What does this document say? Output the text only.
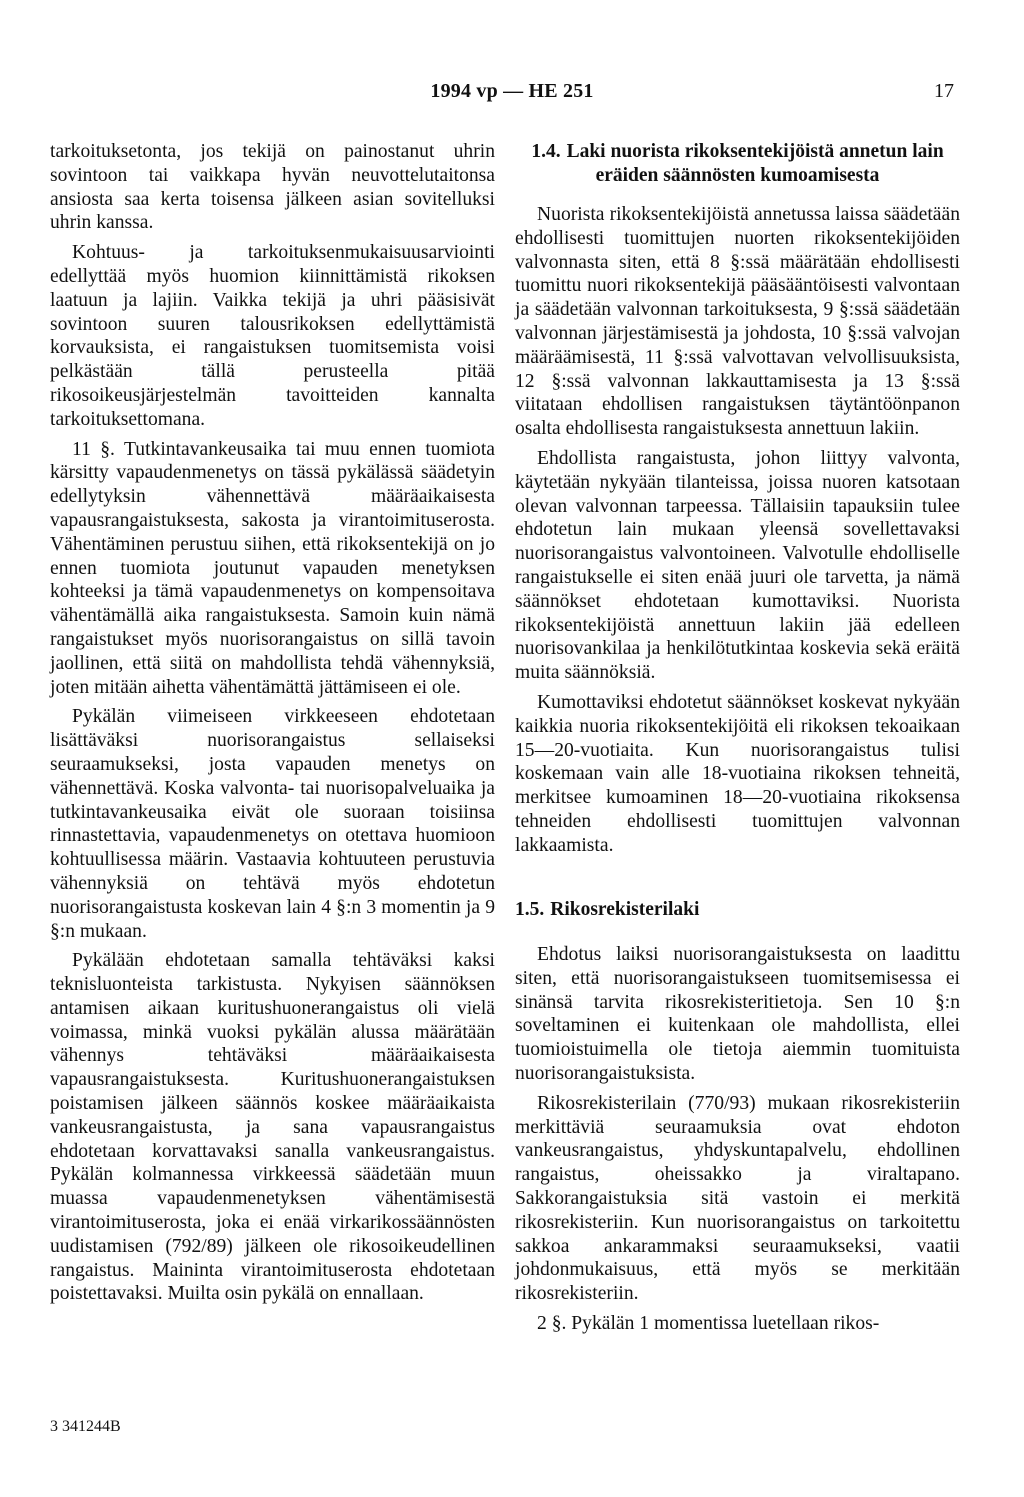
1994 vp — HE 251	17

tarkoituksetonta, jos tekijä on painostanut uhrin sovintoon tai vaikkapa hyvän neuvottelutaitonsa ansiosta saa kerta toisensa jälkeen asian sovitelluksi uhrin kanssa.

Kohtuus- ja tarkoituksenmukaisuusarviointi edellyttää myös huomion kiinnittämistä rikoksen laatuun ja lajiin. Vaikka tekijä ja uhri pääsisivät sovintoon suuren talousrikoksen edellyttämistä korvauksista, ei rangaistuksen tuomitsemista voisi pelkästään tällä perusteella pitää rikosoikeusjärjestelmän tavoitteiden kannalta tarkoituksettomana.

11 §. Tutkintavankeusaika tai muu ennen tuomiota kärsitty vapaudenmenetys on tässä pykälässä säädetyin edellytyksin vähennettävä määräaikaisesta vapausrangaistuksesta, sakosta ja virantoimituserosta. Vähentäminen perustuu siihen, että rikoksentekijä on jo ennen tuomiota joutunut vapauden menetyksen kohteeksi ja tämä vapaudenmenetys on kompensoitava vähentämällä aika rangaistuksesta. Samoin kuin nämä rangaistukset myös nuorisorangaistus on sillä tavoin jaollinen, että siitä on mahdollista tehdä vähennyksiä, joten mitään aihetta vähentämättä jättämiseen ei ole.

Pykälän viimeiseen virkkeeseen ehdotetaan lisättäväksi nuorisorangaistus sellaiseksi seuraamukseksi, josta vapauden menetys on vähennettävä. Koska valvonta- tai nuorisopalveluaika ja tutkintavankeusaika eivät ole suoraan toisiinsa rinnastettavia, vapaudenmenetys on otettava huomioon kohtuullisessa määrin. Vastaavia kohtuuteen perustuvia vähennyksiä on tehtävä myös ehdotetun nuorisorangaistusta koskevan lain 4 §:n 3 momentin ja 9 §:n mukaan.

Pykälään ehdotetaan samalla tehtäväksi kaksi teknisluonteista tarkistusta. Nykyisen säännöksen antamisen aikaan kuritushuonerangaistus oli vielä voimassa, minkä vuoksi pykälän alussa määrätään vähennys tehtäväksi määräaikaisesta vapausrangaistuksesta. Kuritushuonerangaistuksen poistamisen jälkeen säännös koskee määräaikaista vankeusrangaistusta, ja sana vapausrangaistus ehdotetaan korvattavaksi sanalla vankeusrangaistus. Pykälän kolmannessa virkkeessä säädetään muun muassa vapaudenmenetyksen vähentämisestä virantoimituserosta, joka ei enää virkarikossäännösten uudistamisen (792/89) jälkeen ole rikosoikeudellinen rangaistus. Maininta virantoimituserosta ehdotetaan poistettavaksi. Muilta osin pykälä on ennallaan.

1.4. Laki nuorista rikoksentekijöistä annetun lain eräiden säännösten kumoamisesta

Nuorista rikoksentekijöistä annetussa laissa säädetään ehdollisesti tuomittujen nuorten rikoksentekijöiden valvonnasta siten, että 8 §:ssä määrätään ehdollisesti tuomittu nuori rikoksentekijä pääsääntöisesti valvontaan ja säädetään valvonnan tarkoituksesta, 9 §:ssä säädetään valvonnan järjestämisestä ja johdosta, 10 §:ssä valvojan määräämisestä, 11 §:ssä valvottavan velvollisuuksista, 12 §:ssä valvonnan lakkauttamisesta ja 13 §:ssä viitataan ehdollisen rangaistuksen täytäntöönpanon osalta ehdollisesta rangaistuksesta annettuun lakiin.

Ehdollista rangaistusta, johon liittyy valvonta, käytetään nykyään tilanteissa, joissa nuoren katsotaan olevan valvonnan tarpeessa. Tällaisiin tapauksiin tulee ehdotetun lain mukaan yleensä sovellettavaksi nuorisorangaistus valvontoineen. Valvotulle ehdolliselle rangaistukselle ei siten enää juuri ole tarvetta, ja nämä säännökset ehdotetaan kumottaviksi. Nuorista rikoksentekijöistä annettuun lakiin jää edelleen nuorisovankilaa ja henkilötutkintaa koskevia sekä eräitä muita säännöksiä.

Kumottaviksi ehdotetut säännökset koskevat nykyään kaikkia nuoria rikoksentekijöitä eli rikoksen tekoaikaan 15—20-vuotiaita. Kun nuorisorangaistus tulisi koskemaan vain alle 18-vuotiaina rikoksen tehneitä, merkitsee kumoaminen 18—20-vuotiaina rikoksensa tehneiden ehdollisesti tuomittujen valvonnan lakkaamista.

1.5. Rikosrekisterilaki

Ehdotus laiksi nuorisorangaistuksesta on laadittu siten, että nuorisorangaistukseen tuomitsemisessa ei sinänsä tarvita rikosrekisteritietoja. Sen 10 §:n soveltaminen ei kuitenkaan ole mahdollista, ellei tuomioistuimella ole tietoja aiemmin tuomituista nuorisorangaistuksista.

Rikosrekisterilain (770/93) mukaan rikosrekisteriin merkittäviä seuraamuksia ovat ehdoton vankeusrangaistus, yhdyskuntapalvelu, ehdollinen rangaistus, oheissakko ja viraltapano. Sakkorangaistuksia sitä vastoin ei merkitä rikosrekisteriin. Kun nuorisorangaistus on tarkoitettu sakkoa ankarammaksi seuraamukseksi, vaatii johdonmukaisuus, että myös se merkitään rikosrekisteriin.

2 §. Pykälän 1 momentissa luetellaan rikos-

3 341244B
